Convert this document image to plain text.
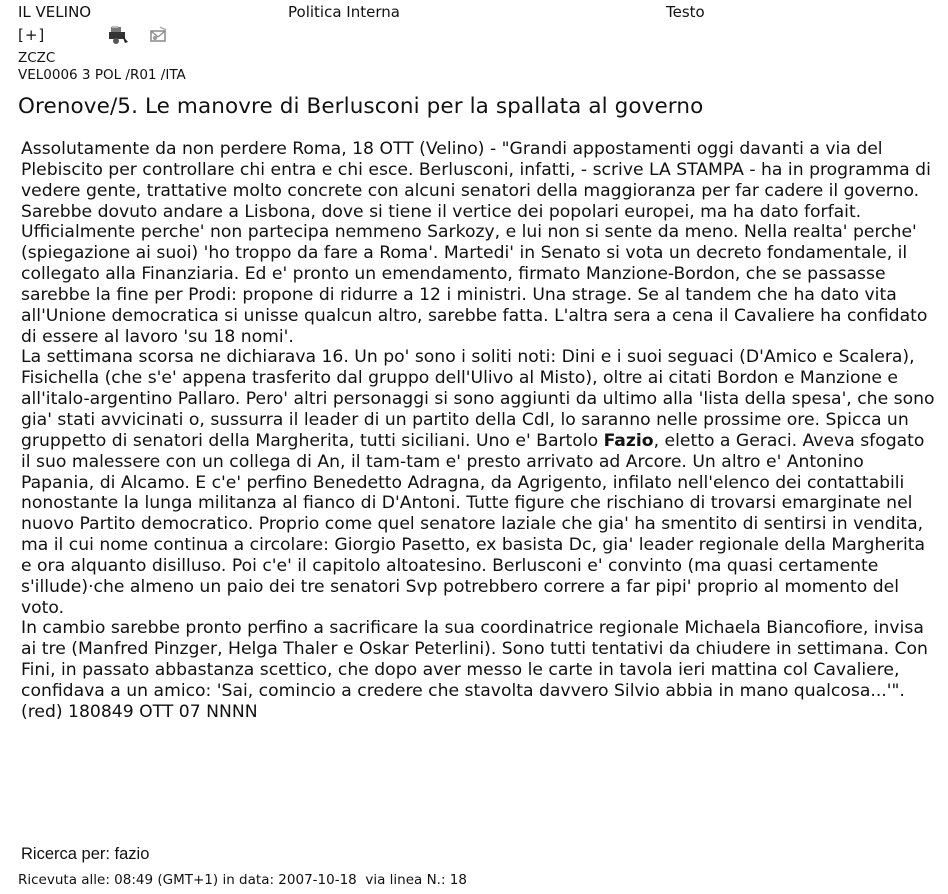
IL VELINO	Politica Interna	Testo
[+]
ZCZC
VEL0006 3 POL /R01 /ITA
Orenove/5. Le manovre di Berlusconi per la spallata al governo

Assolutamente da non perdere Roma, 18 OTT (Velino) - "Grandi appostamenti oggi davanti a via del Plebiscito per controllare chi entra e chi esce. Berlusconi, infatti, - scrive LA STAMPA - ha in programma di vedere gente, trattative molto concrete con alcuni senatori della maggioranza per far cadere il governo.

Sarebbe dovuto andare a Lisbona, dove si tiene il vertice dei popolari europei, ma ha dato forfait. Ufficialmente perche' non partecipa nemmeno Sarkozy, e lui non si sente da meno. Nella realta' perche' (spiegazione ai suoi) 'ho troppo da fare a Roma'. Martedi' in Senato si vota un decreto fondamentale, il collegato alla Finanziaria. Ed e' pronto un emendamento, firmato Manzione-Bordon, che se passasse sarebbe la fine per Prodi: propone di ridurre a 12 i ministri. Una strage. Se al tandem che ha dato vita all'Unione democratica si unisse qualcun altro, sarebbe fatta. L'altra sera a cena il Cavaliere ha confidato di essere al lavoro 'su 18 nomi'.

La settimana scorsa ne dichiarava 16. Un po' sono i soliti noti: Dini e i suoi seguaci (D'Amico e Scalera), Fisichella (che s'e' appena trasferito dal gruppo dell'Ulivo al Misto), oltre ai citati Bordon e Manzione e all'italo-argentino Pallaro. Pero' altri personaggi si sono aggiunti da ultimo alla 'lista della spesa', che sono gia' stati avvicinati o, sussurra il leader di un partito della Cdl, lo saranno nelle prossime ore. Spicca un gruppetto di senatori della Margherita, tutti siciliani. Uno e' Bartolo Fazio, eletto a Geraci. Aveva sfogato il suo malessere con un collega di An, il tam-tam e' presto arrivato ad Arcore. Un altro e' Antonino Papania, di Alcamo. E c'e' perfino Benedetto Adragna, da Agrigento, infilato nell'elenco dei contattabili nonostante la lunga militanza al fianco di D'Antoni. Tutte figure che rischiano di trovarsi emarginate nel nuovo Partito democratico. Proprio come quel senatore laziale che gia' ha smentito di sentirsi in vendita, ma il cui nome continua a circolare: Giorgio Pasetto, ex basista Dc, gia' leader regionale della Margherita e ora alquanto disilluso. Poi c'e' il capitolo altoatesino. Berlusconi e' convinto (ma quasi certamente s'illude)·che almeno un paio dei tre senatori Svp potrebbero correre a far pipi' proprio al momento del voto.

In cambio sarebbe pronto perfino a sacrificare la sua coordinatrice regionale Michaela Biancofiore, invisa ai tre (Manfred Pinzger, Helga Thaler e Oskar Peterlini). Sono tutti tentativi da chiudere in settimana. Con Fini, in passato abbastanza scettico, che dopo aver messo le carte in tavola ieri mattina col Cavaliere, confidava a un amico: 'Sai, comincio a credere che stavolta davvero Silvio abbia in mano qualcosa...'". (red) 180849 OTT 07 NNNN

Ricerca per: fazio
Ricevuta alle: 08:49 (GMT+1) in data: 2007-10-18  via linea N.: 18
